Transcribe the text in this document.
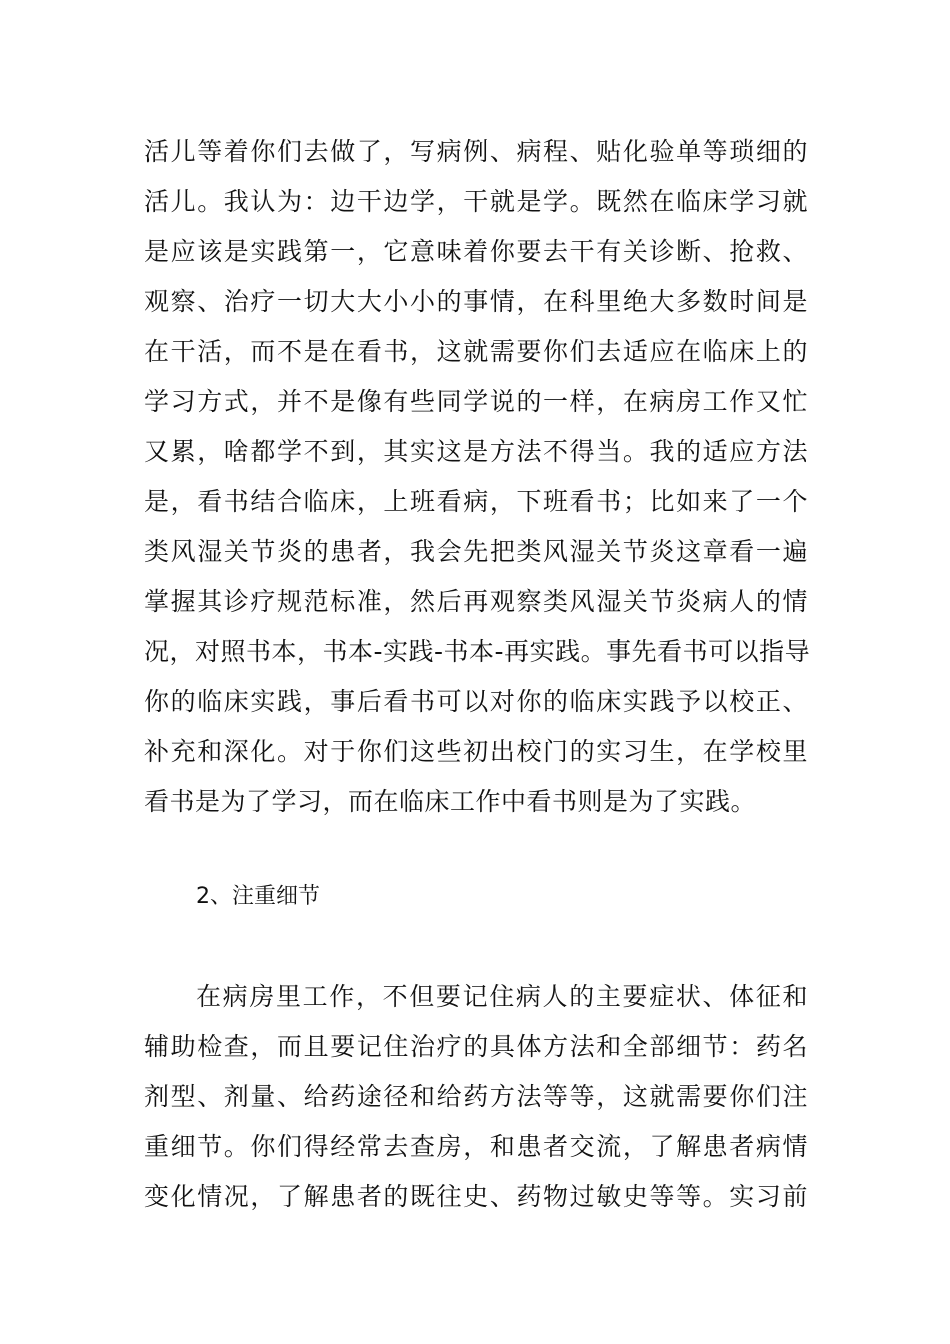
活儿等着你们去做了，写病例、病程、贴化验单等琐细的
活儿。我认为：边干边学，干就是学。既然在临床学习就
是应该是实践第一，它意味着你要去干有关诊断、抢救、
观察、治疗一切大大小小的事情，在科里绝大多数时间是
在干活，而不是在看书，这就需要你们去适应在临床上的
学习方式，并不是像有些同学说的一样，在病房工作又忙
又累，啥都学不到，其实这是方法不得当。我的适应方法
是，看书结合临床，上班看病，下班看书；比如来了一个
类风湿关节炎的患者，我会先把类风湿关节炎这章看一遍
掌握其诊疗规范标准，然后再观察类风湿关节炎病人的情
况，对照书本，书本-实践-书本-再实践。事先看书可以指导
你的临床实践，事后看书可以对你的临床实践予以校正、
补充和深化。对于你们这些初出校门的实习生，在学校里
看书是为了学习，而在临床工作中看书则是为了实践。

2、注重细节

在病房里工作，不但要记住病人的主要症状、体征和
辅助检查，而且要记住治疗的具体方法和全部细节：药名
剂型、剂量、给药途径和给药方法等等，这就需要你们注
重细节。你们得经常去查房，和患者交流，了解患者病情
变化情况，了解患者的既往史、药物过敏史等等。实习前
